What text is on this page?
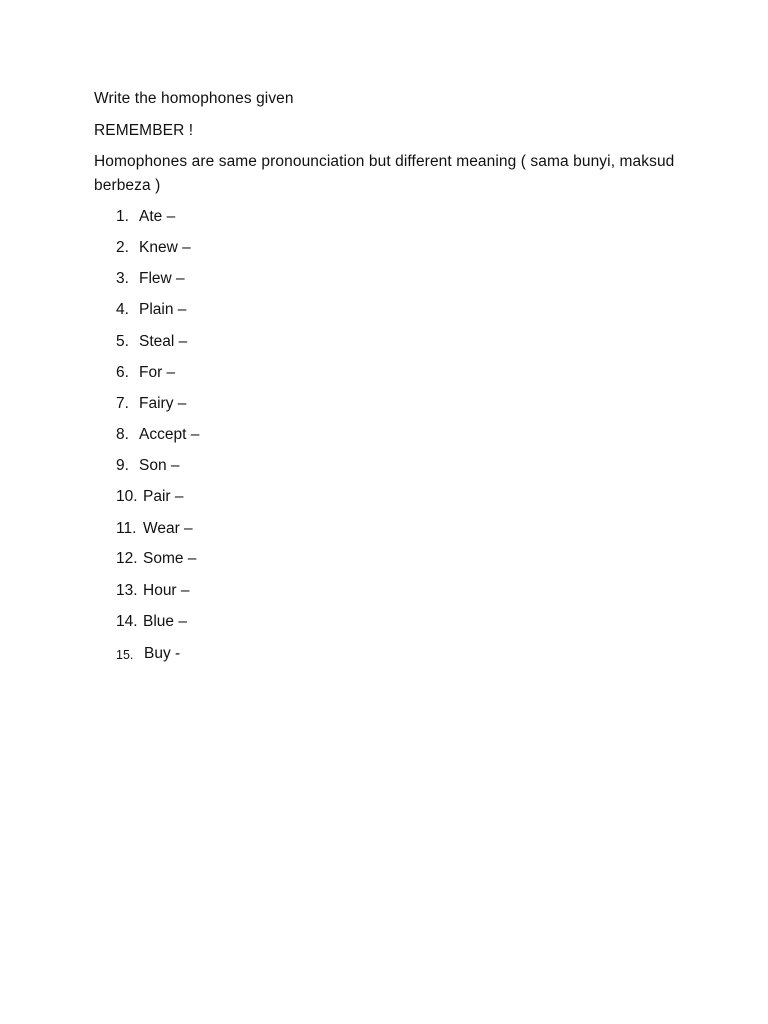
Write the homophones given
REMEMBER !
Homophones are same pronounciation but different meaning ( sama bunyi, maksud berbeza )
1. Ate –
2. Knew –
3. Flew –
4. Plain –
5. Steal –
6. For –
7. Fairy –
8. Accept –
9. Son –
10. Pair –
11. Wear –
12. Some –
13. Hour –
14. Blue –
15. Buy -
